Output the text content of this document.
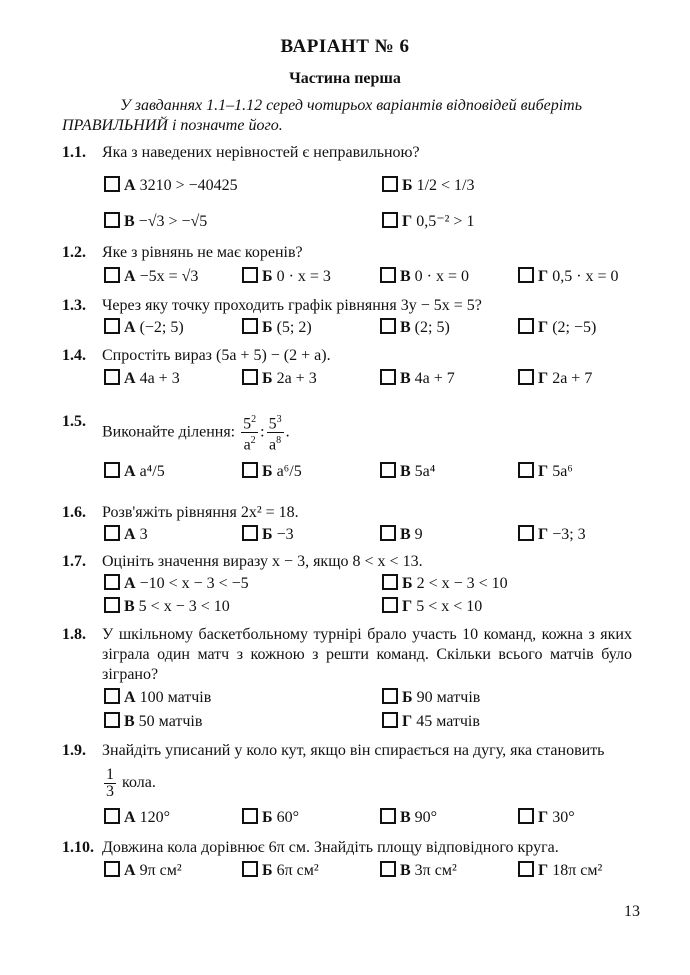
ВАРІАНТ № 6
Частина перша
У завданнях 1.1–1.12 серед чотирьох варіантів відповідей виберіть ПРАВИЛЬНИЙ і позначте його.
1.1. Яка з наведених нерівностей є неправильною?
А 3210 > −40425	Б 1/2 < 1/3
В −√3 > −√5	Г 0,5⁻² > 1
1.2. Яке з рівнянь не має коренів?
А −5x = √3	Б 0 · x = 3	В 0 · x = 0	Г 0,5 · x = 0
1.3. Через яку точку проходить графік рівняння 3y − 5x = 5?
А (−2; 5)	Б (5; 2)	В (2; 5)	Г (2; −5)
1.4. Спростіть вираз (5a + 5) − (2 + a).
А 4a + 3	Б 2a + 3	В 4a + 7	Г 2a + 7
1.5.
Виконайте ділення: $\frac{5^2}{a^2}$ : $\frac{5^3}{a^8}$ .
А a⁴/5	Б a⁶/5	В 5a⁴	Г 5a⁶
1.6. Розв'яжіть рівняння 2x² = 18.
А 3	Б −3	В 9	Г −3; 3
1.7. Оцініть значення виразу x − 3, якщо 8 < x < 13.
А −10 < x − 3 < −5	Б 2 < x − 3 < 10
В 5 < x − 3 < 10	Г 5 < x < 10
1.8. У шкільному баскетбольному турнірі брало участь 10 команд, кожна з яких зіграла один матч з кожною з решти команд. Скільки всього матчів було зіграно?
А 100 матчів	Б 90 матчів
В 50 матчів	Г 45 матчів
1.9. Знайдіть уписаний у коло кут, якщо він спирається на дугу, яка становить
$\frac{1}{3}$ кола.
А 120°	Б 60°	В 90°	Г 30°
1.10. Довжина кола дорівнює 6π см. Знайдіть площу відповідного круга.
А 9π см²	Б 6π см²	В 3π см²	Г 18π см²
13
